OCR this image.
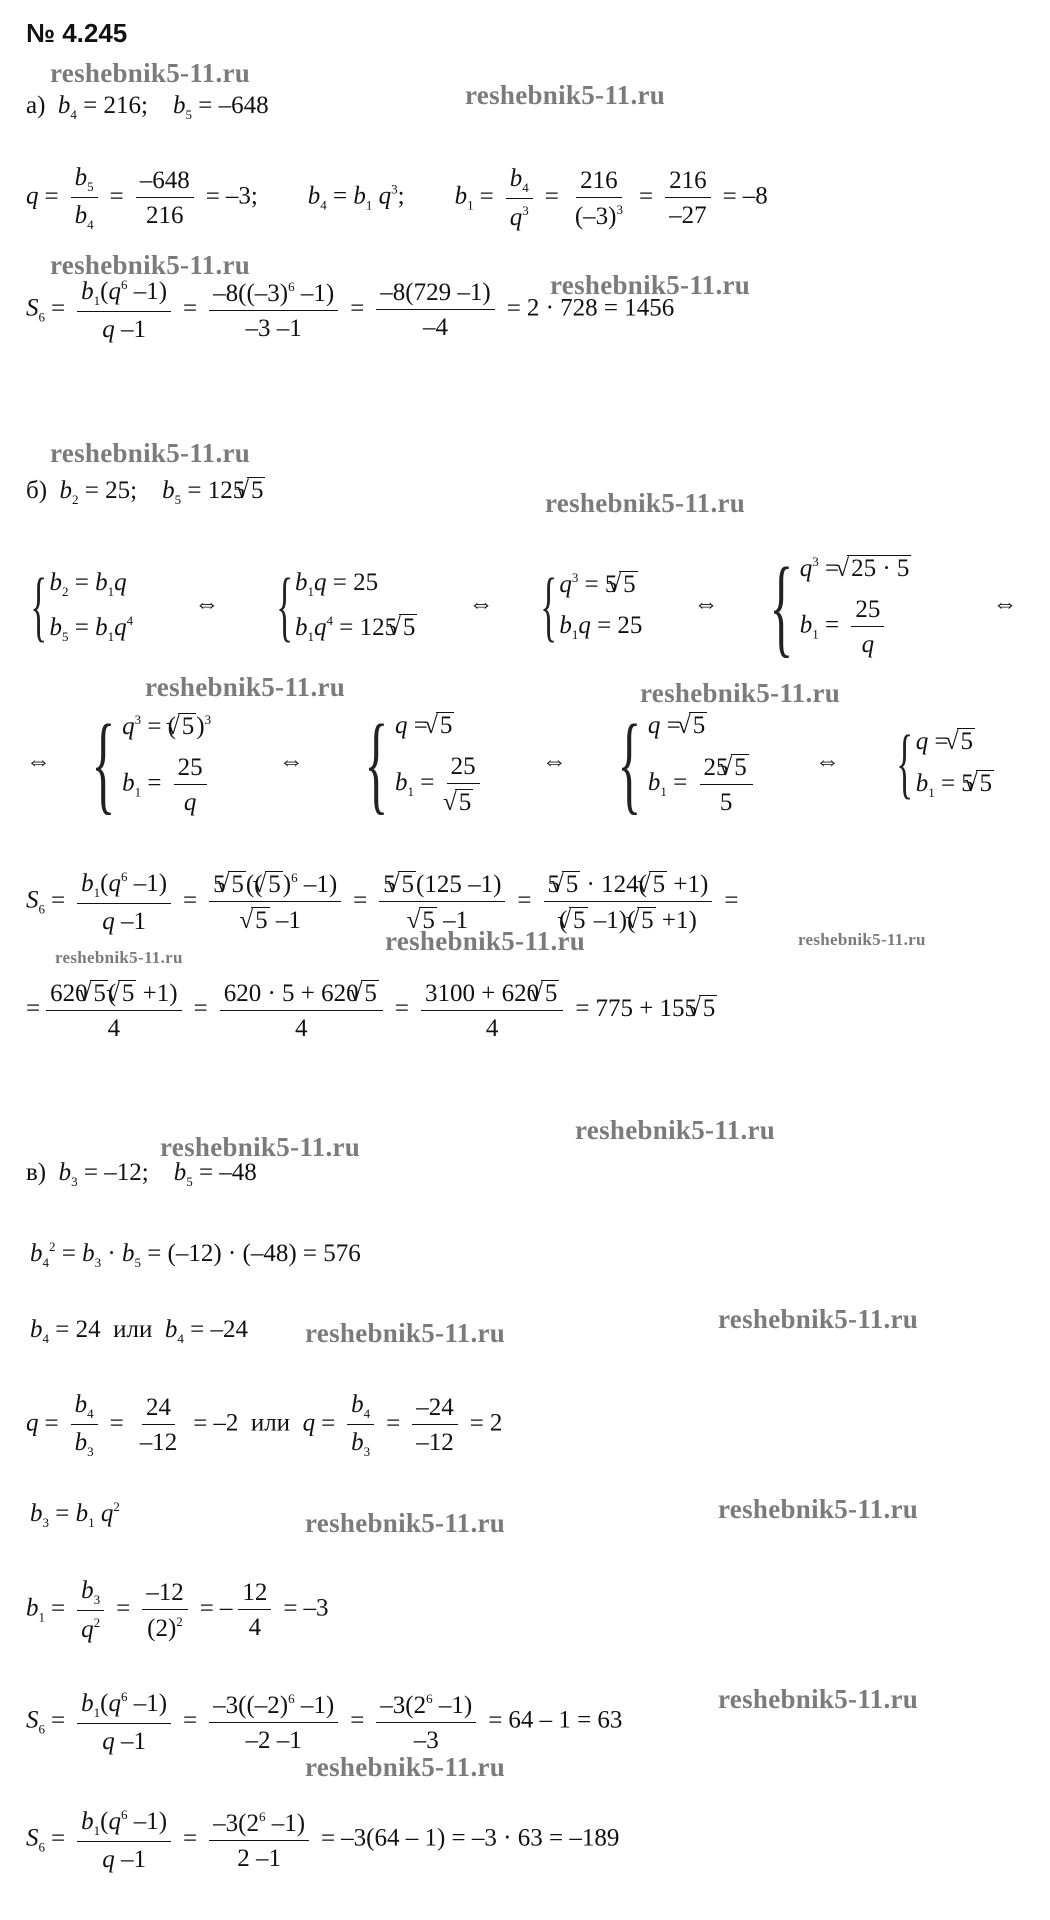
№ 4.245
reshebnik5-11.ru
reshebnik5-11.ru
reshebnik5-11.ru
reshebnik5-11.ru
reshebnik5-11.ru
reshebnik5-11.ru
reshebnik5-11.ru	reshebnik5-11.ru
reshebnik5-11.ru
reshebnik5-11.ru	reshebnik5-11.ru
reshebnik5-11.ru
reshebnik5-11.ru
reshebnik5-11.ru	reshebnik5-11.ru
reshebnik5-11.ru	reshebnik5-11.ru
reshebnik5-11.ru
reshebnik5-11.ru
а) $b_4 = 216$;    $b_5 = -648$
$q = \frac{b_5}{b_4} = \frac{-648}{216} = -3$;        $b_4 = b_1$ $q^3$;        $b_1 = \frac{b_4}{q^3} = \frac{216}{(-3)^3} = \frac{216}{-27} = -8$
$S_6 = \frac{b_1(q^6 -1)}{q -1} = \frac{-8((-3)^6 -1)}{-3 -1} = \frac{-8(729 -1)}{-4} = 2 \cdot 728 = 1456$
б) $b_2 = 25$;    $b_5 = 125√$ 5
{ $b_2 = b_1q$
$b_5 = b_1q^4$
⇔ { $b_1q = 25$
$b_1q^4 = 125√$ 5
⇔ { $q^3 = 5√$ 5
$b_1q = 25$
⇔ { $q^3$ = √ 25 · 5
$b_1 = \frac{25}{q}$	⇔
⇔ { $q^3$ = (√ 5)$^3$
$b_1 = \frac{25}{q}$	⇔ { q = √ 5
$b_1 = 25$
√ 5 ⇔ { q = √ 5
$b_1 = \frac{25√ 5}{5}$ ⇔ { q = √ 5
$b_1 = 5√$ 5
$S_6 = \frac{b_1(q^6 -1)}{q -1} = 5√$ 5((√ 5)$^6$ –1)
√ 5 –1 = 5√ 5(125 –1)
√ 5 $-1 = \frac{5√ 5 \cdot 124(√ 5 +1)}{(√ 5 -1)(√ 5 +1)}$ =
= $\frac{620√ 5(√ 5 +1)}{4} = \frac{620 \cdot 5 + 620√ 5}{4} = \frac{3100 + 620√ 5}{4} = 775 + 155√$ 5
в) $b_3 = -12$;    $b_5 = -48$
$b_4^2 = b_3 \cdot b_5 = (-12) \cdot (-48) = 576$
$b_4 = 24$  или $b_4 = -24$
$q = \frac{b_4}{b_3} = \frac{24}{-12} = -2$  или $q = \frac{b_4}{b_3} = \frac{-24}{-12} = 2$
$b_3 = b_1$ $q^2$
$b_1 = \frac{b_3}{q^2} = \frac{-12}{(2)^2}$ = – $\frac{12}{4} = -3$
$S_6 = \frac{b_1(q^6 -1)}{q -1} = \frac{-3((-2)^6 -1)}{-2 -1} = \frac{-3(2^6 -1)}{-3} = 64 - 1 = 63$
$S_6 = \frac{b_1(q^6 -1)}{q -1} = \frac{-3(2^6 -1)}{2 -1} = -3(64 - 1) = -3 \cdot 63 = -189$
